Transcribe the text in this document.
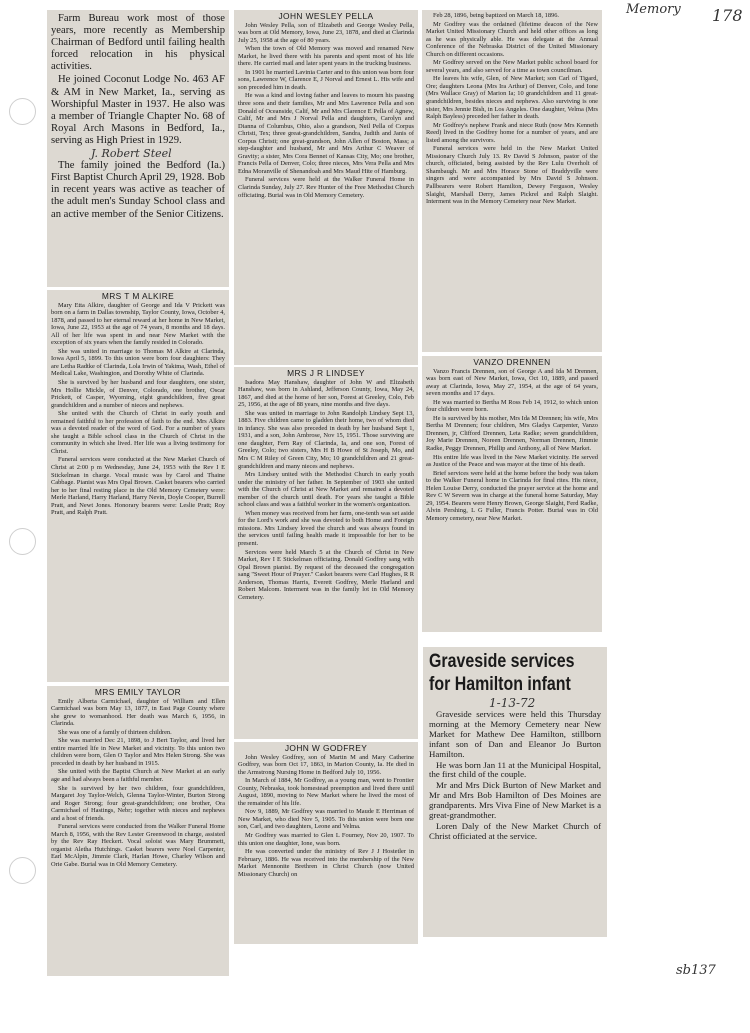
Memory 178
sb137

Farm Bureau work most of those years, more recently as Membership Chairman of Bedford until failing health forced relocation in his physical activities.

He joined Coconut Lodge No. 463 AF & AM in New Market, Ia., serving as Worshipful Master in 1937. He also was a member of Triangle Chapter No. 68 of Royal Arch Masons in Bedford, Ia., serving as High Priest in 1929.

J. Robert Steel

The family joined the Bedford (Ia.) First Baptist Church April 29, 1928. Bob in recent years was active as teacher of the adult men's Sunday School class and an active member of the Senior Citizens.

MRS T M ALKIRE

Mary Etta Alkire, daughter of George and Ida V Prickett was born on a farm in Dallas township, Taylor County, Iowa, October 4, 1878, and passed to her eternal reward at her home in New Market, Iowa, June 22, 1953 at the age of 74 years, 8 months and 18 days. All of her life was spent in and near New Market with the exception of six years when the family resided in Colorado.

She was united in marriage to Thomas M Alkire at Clarinda, Iowa April 5, 1899. To this union were born four daughters: They are Letha Radtke of Clarinda, Lola Irwin of Yakima, Wash, Ethel of Medical Lake, Washington, and Dorothy White of Clarinda.

She is survived by her husband and four daughters, one sister, Mrs Hollie Mickle, of Denver, Colorado, one brother, Oscar Prickett, of Casper, Wyoming, eight grandchildren, five great grandchildren and a number of nieces and nephews.

She united with the Church of Christ in early youth and remained faithful to her profession of faith to the end. Mrs Alkire was a devoted reader of the word of God. For a number of years she taught a Bible school class in the Church of Christ in the community in which she lived. Her life was a living testimony for Christ.

Funeral services were conducted at the New Market Church of Christ at 2:00 p m Wednesday, June 24, 1953 with the Rev I E Stickelman in charge. Vocal music was by Carol and Thaine Cabbage. Pianist was Mrs Opal Brown. Casket bearers who carried her to her final resting place in the Old Memory Cemetery were: Merle Harland, Harry Harland, Harry Nevin, Doyle Cooper, Burrell Pratt, and Newt Jones. Honorary bearers were: Leslie Pratt; Roy Pratt, and Ralph Pratt.

MRS EMILY TAYLOR

Emily Alberta Carmichael, daughter of William and Ellen Carmichael was born May 13, 1877, in East Page County where she grew to womanhood. Her death was March 6, 1956, in Clarinda.

She was one of a family of thirteen children.

She was married Dec 21, 1898, to J Bert Taylor, and lived her entire married life in New Market and vicinity. To this union two children were born, Glen O Taylor and Mrs Helen Strong. She was preceded in death by her husband in 1915.

She united with the Baptist Church at New Market at an early age and had always been a faithful member.

She is survived by her two children, four grandchildren, Margaret Joy Taylor-Welch, Glenna Taylor-Winter, Burton Strong and Roger Strong; four great-grandchildren; one brother, Ora Carmichael of Hastings, Nebr; together with nieces and nephews and a host of friends.

Funeral services were conducted from the Walker Funeral Home March 8, 1956, with the Rev Lester Greenwood in charge, assisted by the Rev Ray Heckert. Vocal soloist was Mary Brummett, organist Aletha Hutchings. Casket bearers were Noel Carpenter, Earl McAlpin, Jimmie Clark, Harlan Howe, Charley Wilson and Orie Gabe. Burial was in Old Memory Cemetery.

JOHN WESLEY PELLA

John Wesley Pella, son of Elizabeth and George Wesley Pella, was born at Old Memory, Iowa, June 23, 1878, and died at Clarinda July 25, 1958 at the age of 80 years.

When the town of Old Memory was moved and renamed New Market, he lived there with his parents and spent most of his life there. He carried mail and later spent years in the trucking business.

In 1901 he married Lavinia Carter and to this union was born four sons, Lawrence W, Clarence E, J Norval and Ernest L. His wife and son preceded him in death.

He was a kind and loving father and leaves to mourn his passing three sons and their families, Mr and Mrs Lawrence Pella and son Donald of Oceanside, Calif, Mr and Mrs Clarence E Pella of Agnew, Calif, Mr and Mrs J Norval Pella and daughters, Carolyn and Dianna of Columbus, Ohio, also a grandson, Neil Pella of Corpus Christi, Tex; three great-grandchildren, Sandra, Judith and Janis of Corpus Christi; one great-grandson, John Allen of Boston, Mass; a step-daughter and husband, Mr and Mrs Arthur C Weaver of Gravity; a sister, Mrs Cora Bennet of Kansas City, Mo; one brother, Francis Pella of Denver, Colo; three nieces, Mrs Vera Pella and Mrs Edna Moranville of Shenandoah and Mrs Maud Hite of Hamburg.

Funeral services were held at the Walker Funeral Home in Clarinda Sunday, July 27. Rev Hunter of the Free Methodist Church officiating. Burial was in Old Memory Cemetery.

MRS J R LINDSEY

Isadora May Hanshaw, daughter of John W and Elizabeth Hanshaw, was born in Ashland, Jefferson County, Iowa, May 24, 1867, and died at the home of her son, Forest at Greeley, Colo, Feb 25, 1956, at the age of 88 years, nine months and five days.

She was united in marriage to John Randolph Lindsey Sept 13, 1883. Five children came to gladden their home, two of whom died in infancy. She was also preceded in death by her husband Sept 1, 1931, and a son, John Ambrose, Nov 15, 1951. Those surviving are one daughter, Fern Ray of Clarinda, Ia, and one son, Forest of Greeley, Colo; two sisters, Mrs H B Howe of St Joseph, Mo, and Mrs C M Riley of Green City, Mo; 10 grandchildren and 21 great-grandchildren and many nieces and nephews.

Mrs Lindsey united with the Methodist Church in early youth under the ministry of her father. In September of 1903 she united with the Church of Christ at New Market and remained a devoted member of the church until death. For years she taught a Bible school class and was a faithful worker in the women's organization.

When money was received from her farm, one-tenth was set aside for the Lord's work and she was devoted to both Home and Foreign missions. Mrs Lindsey loved the church and was always found in the services until failing health made it impossible for her to be present.

Services were held March 5 at the Church of Christ in New Market, Rev I E Stickelman officiating. Donald Godfrey sang with Opal Brown pianist. By request of the deceased the congregation sang "Sweet Hour of Prayer." Casket bearers were Carl Hughes, R R Anderson, Thomas Harris, Everett Godfrey, Merle Harland and Robert Malcom. Interment was in the family lot in Old Memory Cemetery.

JOHN W GODFREY

John Wesley Godfrey, son of Martin M and Mary Catherine Godfrey, was born Oct 17, 1863, in Marion County, Ia. He died in the Armstrong Nursing Home in Bedford July 10, 1956.

In March of 1884, Mr Godfrey, as a young man, went to Frontier County, Nebraska, took homestead preemption and lived there until August, 1890, moving to New Market where he lived the most of the remainder of his life.

Nov 9, 1889, Mr Godfrey was married to Maude E Herriman of New Market, who died Nov 5, 1905. To this union were born one son, Carl, and two daughters, Leone and Velma.

Mr Godfrey was married to Glen L Fourney, Nov 20, 1907. To this union one daughter, Ione, was born.

He was converted under the ministry of Rev J J Hostetler in February, 1886. He was received into the membership of the New Market Mennonite Brethren in Christ Church (now United Missionary Church) on

Feb 28, 1896, being baptized on March 18, 1896.

Mr Godfrey was the ordained (lifetime deacon of the New Market United Missionary Church and held other offices as long as he was physically able. He was delegate at the Annual Conference of the Nebraska District of the United Missionary Church on different occasions.

Mr Godfrey served on the New Market public school board for several years, and also served for a time as town councilman.

He leaves his wife, Glen, of New Market; son Carl of Tigard, Ore; daughters Leona (Mrs Ira Arthur) of Denver, Colo, and Ione (Mrs Wallace Gray) of Marion Ia; 10 grandchildren and 11 great-grandchildren, besides nieces and nephews. Also surviving is one sister, Mrs Jennie Bish, in Los Angeles. One daughter, Velma (Mrs Ralph Bayless) preceded her father in death.

Mr Godfrey's nephew Frank and niece Ruth (now Mrs Kenneth Reed) lived in the Godfrey home for a number of years, and are listed among the survivors.

Funeral services were held in the New Market United Missionary Church July 13. Rv David S Johnson, pastor of the church, officiated, being assisted by the Rev Lulu Overholt of Shambaugh. Mr and Mrs Horace Stone of Braddyville were singers and were accompanied by Mrs David S Johnson. Pallbearers were Robert Hamilton, Dewey Ferguson, Wesley Slaight, Marshall Derry, James Pickrel and Ralph Slaight. Interment was in the Memory Cemetery near New Market.

VANZO DRENNEN

Vanzo Francis Drennen, son of George A and Ida M Drennen, was born east of New Market, Iowa, Oct 10, 1889, and passed away at Clarinda, Iowa, May 27, 1954, at the age of 64 years, seven months and 17 days.

He was married to Bertha M Ross Feb 14, 1912, to which union four children were born.

He is survived by his mother, Mrs Ida M Drennen; his wife, Mrs Bertha M Drennen; four children, Mrs Gladys Carpenter, Vanzo Drennen, jr, Clifford Drennen, Leta Radke; seven grandchildren, Joy Marie Drennen, Noreen Drennen, Norman Drennen, Jimmie Radke, Peggy Drennen, Phillip and Anthony, all of New Market.

His entire life was lived in the New Market vicinity. He served as Justice of the Peace and was mayor at the time of his death.

Brief services were held at the home before the body was taken to the Walker Funeral home in Clarinda for final rites. His niece, Helen Louise Derry, conducted the prayer service at the home and Rev C W Severn was in charge at the funeral home Saturday, May 29, 1954. Bearers were Henry Brown, George Slaight, Ferd Radke, Alvin Pershing, L G Fuller, Francis Potter. Burial was in Old Memory cemetery, near New Market.

Graveside services
for Hamilton infant
1-13-72

Graveside services were held this Thursday morning at the Memory Cemetery near New Market for Mathew Dee Hamilton, stillborn infant son of Dan and Eleanor Jo Burton Hamilton.

He was born Jan 11 at the Municipal Hospital, the first child of the couple.

Mr and Mrs Dick Burton of New Market and Mr and Mrs Bob Hamilton of Des Moines are grandparents. Mrs Viva Fine of New Market is a great-grandmother.

Loren Daly of the New Market Church of Christ officiated at the service.
